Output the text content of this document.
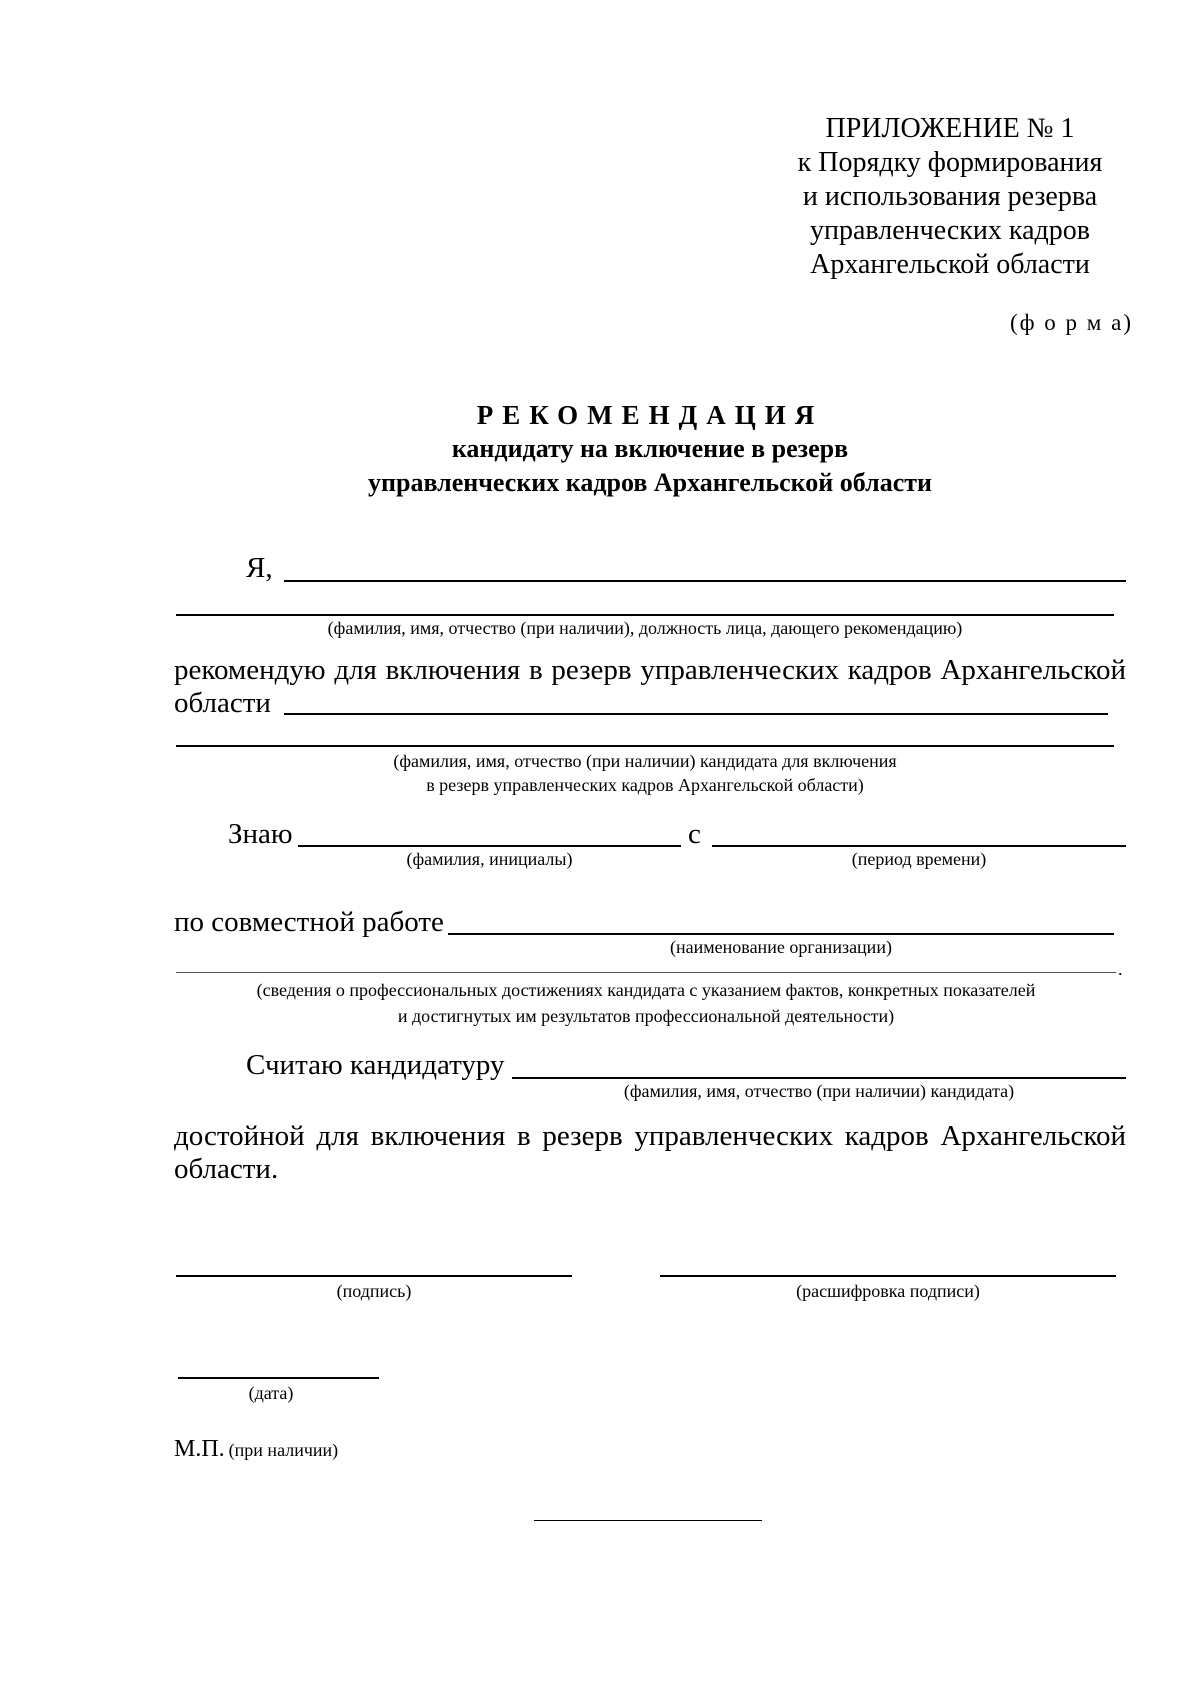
ПРИЛОЖЕНИЕ № 1
к Порядку формирования
и использования резерва
управленческих кадров
Архангельской области
(ф о р м а)
РЕКОМЕНДАЦИЯ
кандидату на включение в резерв
управленческих кадров Архангельской области
Я,
(фамилия, имя, отчество (при наличии), должность лица, дающего рекомендацию)
рекомендую для включения в резерв управленческих кадров Архангельской
области
(фамилия, имя, отчество (при наличии) кандидата для включения
в резерв управленческих кадров Архангельской области)
Знаю	с
(фамилия, инициалы)	(период времени)
по совместной работе
(наименование организации)
.
(сведения о профессиональных достижениях кандидата с указанием фактов, конкретных показателей
и достигнутых им результатов профессиональной деятельности)
Считаю кандидатуру
(фамилия, имя, отчество (при наличии) кандидата)
достойной для включения в резерв управленческих кадров Архангельской
области.
(подпись)	(расшифровка подписи)
(дата)
М.П. (при наличии)
